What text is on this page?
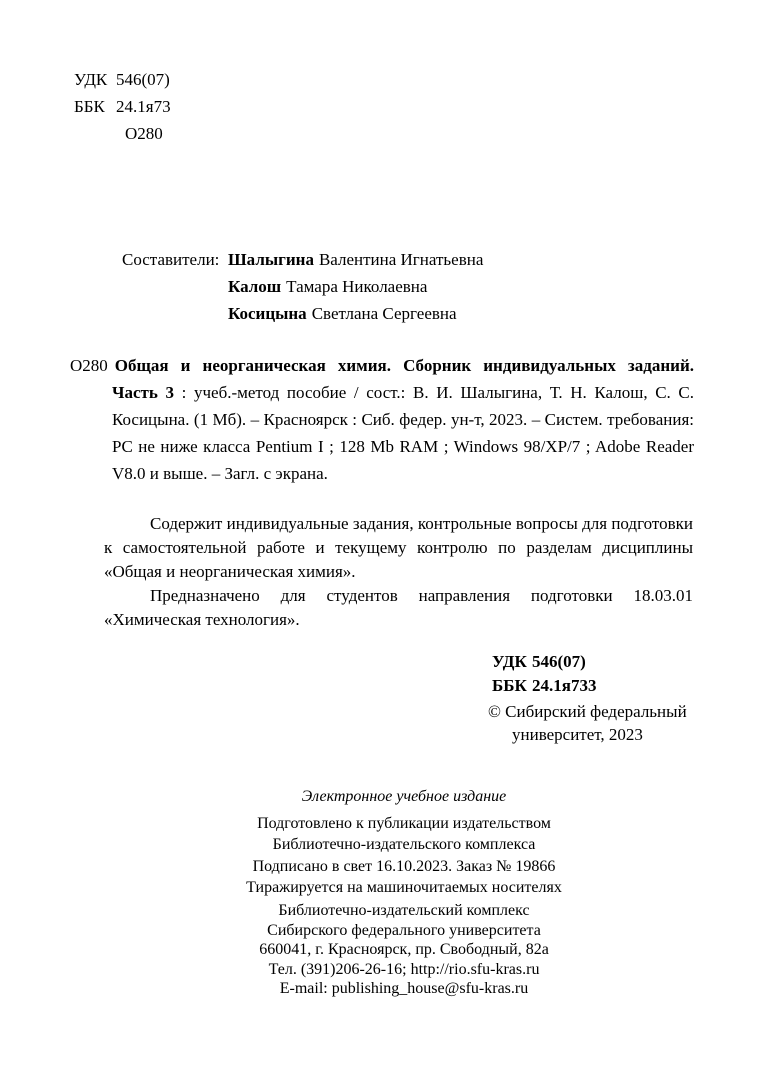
УДК 546(07)
ББК 24.1я73
О280
Составители: Шалыгина Валентина Игнатьевна
Калош Тамара Николаевна
Косицына Светлана Сергеевна

О280 Общая и неорганическая химия. Сборник индивидуальных заданий. Часть 3 : учеб.-метод пособие / сост.: В. И. Шалыгина, Т. Н. Калош, С. С. Косицына. (1 Мб). – Красноярск : Сиб. федер. ун-т, 2023. – Систем. требования: PC не ниже класса Pentium I ; 128 Mb RAM ; Windows 98/XP/7 ; Adobe Reader V8.0 и выше. – Загл. с экрана.

Содержит индивидуальные задания, контрольные вопросы для подготовки к самостоятельной работе и текущему контролю по разделам дисциплины «Общая и неорганическая химия».

Предназначено для студентов направления подготовки 18.03.01 «Химическая технология».

УДК 546(07)
ББК 24.1я733
© Сибирский федеральный
университет, 2023
Электронное учебное издание
Подготовлено к публикации издательством
Библиотечно-издательского комплекса
Подписано в свет 16.10.2023. Заказ № 19866
Тиражируется на машиночитаемых носителях
Библиотечно-издательский комплекс
Сибирского федерального университета
660041, г. Красноярск, пр. Свободный, 82а
Тел. (391)206-26-16; http://rio.sfu-kras.ru
E-mail: publishing_house@sfu-kras.ru
